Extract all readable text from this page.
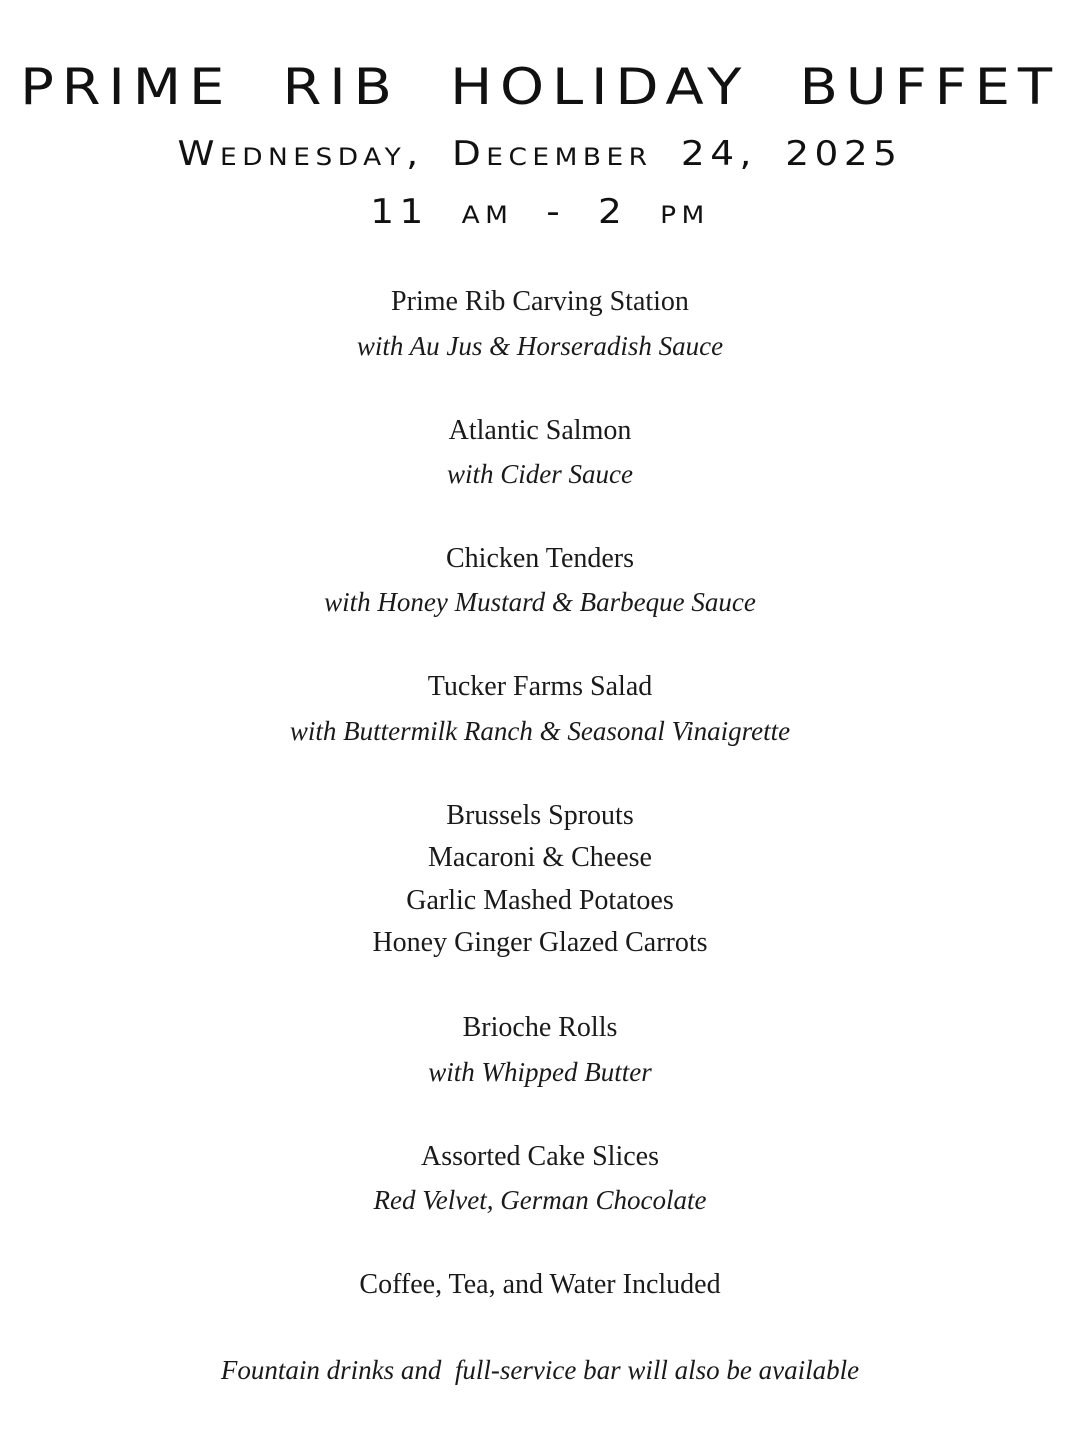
PRIME RIB HOLIDAY BUFFET
Wednesday, December 24, 2025
11 am - 2 pm
Prime Rib Carving Station
with Au Jus & Horseradish Sauce
Atlantic Salmon
with Cider Sauce
Chicken Tenders
with Honey Mustard & Barbeque Sauce
Tucker Farms Salad
with Buttermilk Ranch & Seasonal Vinaigrette
Brussels Sprouts
Macaroni & Cheese
Garlic Mashed Potatoes
Honey Ginger Glazed Carrots
Brioche Rolls
with Whipped Butter
Assorted Cake Slices
Red Velvet, German Chocolate
Coffee, Tea, and Water Included
Fountain drinks and  full-service bar will also be available
